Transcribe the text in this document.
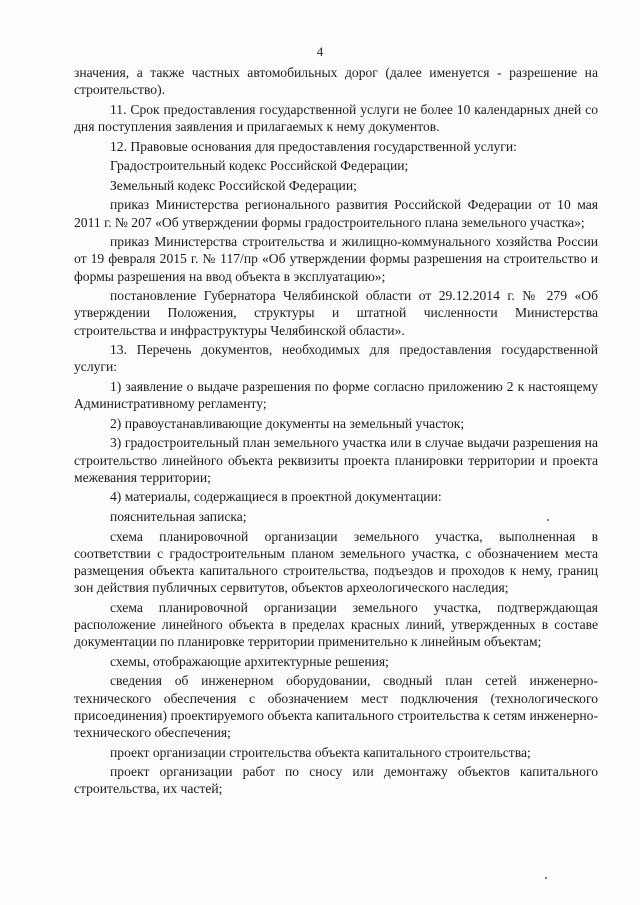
4

значения, а также частных автомобильных дорог (далее именуется - разрешение на строительство).

11. Срок предоставления государственной услуги не более 10 календарных дней со дня поступления заявления и прилагаемых к нему документов.

12. Правовые основания для предоставления государственной услуги:

Градостроительный кодекс Российской Федерации;

Земельный кодекс Российской Федерации;

приказ Министерства регионального развития Российской Федерации от 10 мая 2011 г. № 207 «Об утверждении формы градостроительного плана земельного участка»;

приказ Министерства строительства и жилищно-коммунального хозяйства России от 19 февраля 2015 г. № 117/пр «Об утверждении формы разрешения на строительство и формы разрешения на ввод объекта в эксплуатацию»;

постановление Губернатора Челябинской области от 29.12.2014 г. № 279 «Об утверждении Положения, структуры и штатной численности Министерства строительства и инфраструктуры Челябинской области».

13. Перечень документов, необходимых для предоставления государственной услуги:

1) заявление о выдаче разрешения по форме согласно приложению 2 к настоящему Административному регламенту;

2) правоустанавливающие документы на земельный участок;

3) градостроительный план земельного участка или в случае выдачи разрешения на строительство линейного объекта реквизиты проекта планировки территории и проекта межевания территории;

4) материалы, содержащиеся в проектной документации:

пояснительная записка;

схема планировочной организации земельного участка, выполненная в соответствии с градостроительным планом земельного участка, с обозначением места размещения объекта капитального строительства, подъездов и проходов к нему, границ зон действия публичных сервитутов, объектов археологического наследия;

схема планировочной организации земельного участка, подтверждающая расположение линейного объекта в пределах красных линий, утвержденных в составе документации по планировке территории применительно к линейным объектам;

схемы, отображающие архитектурные решения;

сведения об инженерном оборудовании, сводный план сетей инженерно-технического обеспечения с обозначением мест подключения (технологического присоединения) проектируемого объекта капитального строительства к сетям инженерно-технического обеспечения;

проект организации строительства объекта капитального строительства;

проект организации работ по сносу или демонтажу объектов капитального строительства, их частей;
